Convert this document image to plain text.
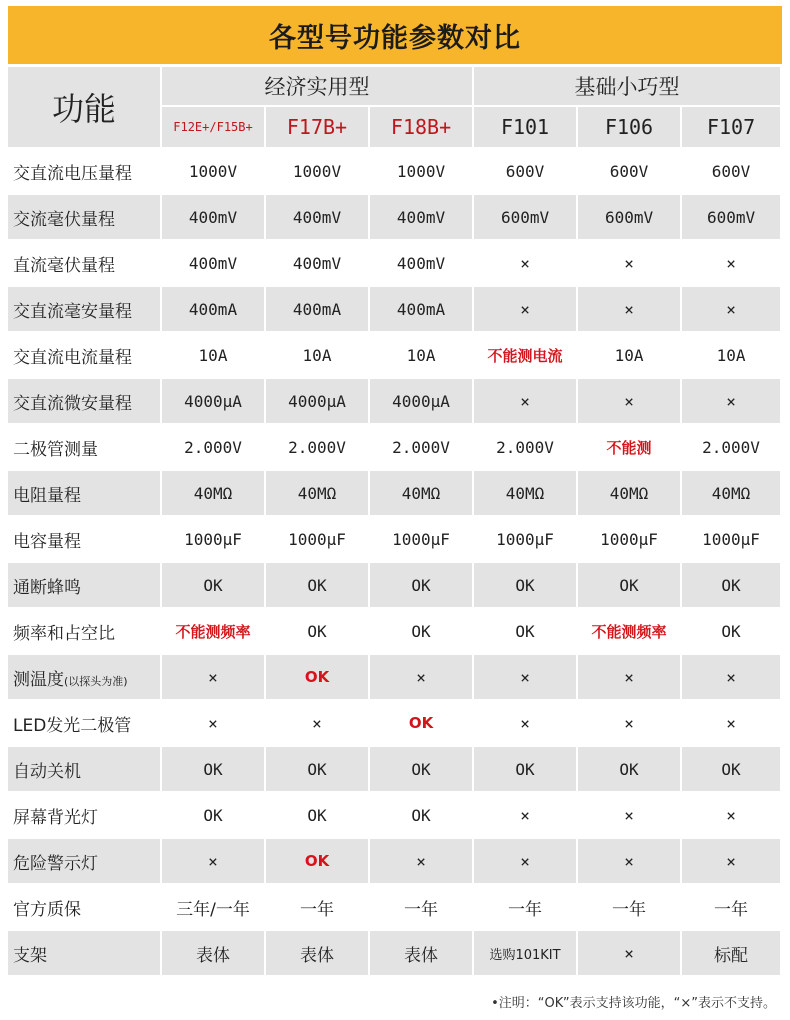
各型号功能参数对比
功能	经济实用型			基础小巧型		
	F12E+/F15B+	F17B+	F18B+	F101	F106	F107
交直流电压量程	1000V	1000V	1000V	600V	600V	600V
交流毫伏量程	400mV	400mV	400mV	600mV	600mV	600mV
直流毫伏量程	400mV	400mV	400mV	×	×	×
交直流毫安量程	400mA	400mA	400mA	×	×	×
交直流电流量程	10A	10A	10A	不能测电流	10A	10A
交直流微安量程	4000μA	4000μA	4000μA	×	×	×
二极管测量	2.000V	2.000V	2.000V	2.000V	不能测	2.000V
电阻量程	40MΩ	40MΩ	40MΩ	40MΩ	40MΩ	40MΩ
电容量程	1000μF	1000μF	1000μF	1000μF	1000μF	1000μF
通断蜂鸣	OK	OK	OK	OK	OK	OK
频率和占空比	不能测频率	OK	OK	OK	不能测频率	OK
测温度(以探头为准)	×	OK	×	×	×	×
LED发光二极管	×	×	OK	×	×	×
自动关机	OK	OK	OK	OK	OK	OK
屏幕背光灯	OK	OK	OK	×	×	×
危险警示灯	×	OK	×	×	×	×
官方质保	三年/一年	一年	一年	一年	一年	一年
支架	表体	表体	表体	选购101KIT	×	标配
•注明：“OK”表示支持该功能，“×”表示不支持。
